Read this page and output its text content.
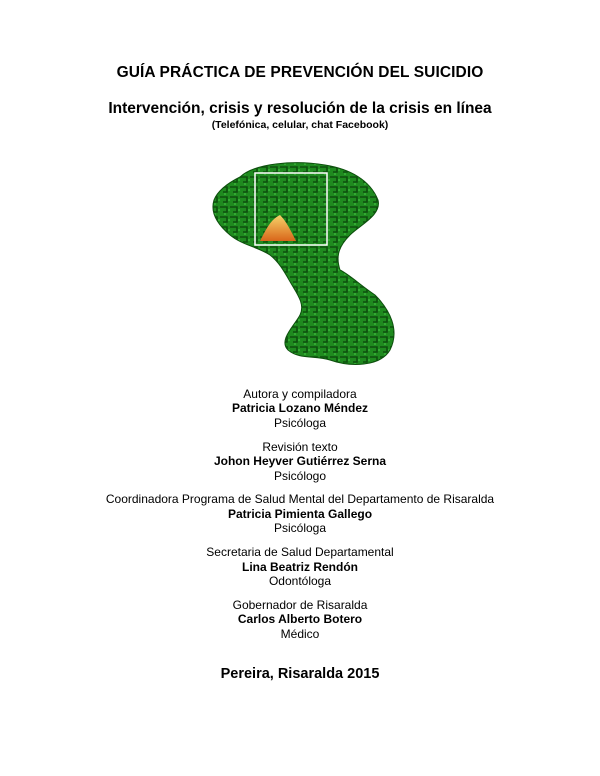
GUÍA PRÁCTICA DE PREVENCIÓN DEL SUICIDIO
Intervención, crisis y resolución de la crisis en línea
(Telefónica, celular, chat Facebook)
Autora y compiladora
Patricia Lozano Méndez
Psicóloga
Revisión texto
Johon Heyver Gutiérrez Serna
Psicólogo
Coordinadora Programa de Salud Mental del Departamento de Risaralda
Patricia Pimienta Gallego
Psicóloga
Secretaria de Salud Departamental
Lina Beatriz Rendón
Odontóloga
Gobernador de Risaralda
Carlos Alberto Botero
Médico
Pereira, Risaralda 2015
